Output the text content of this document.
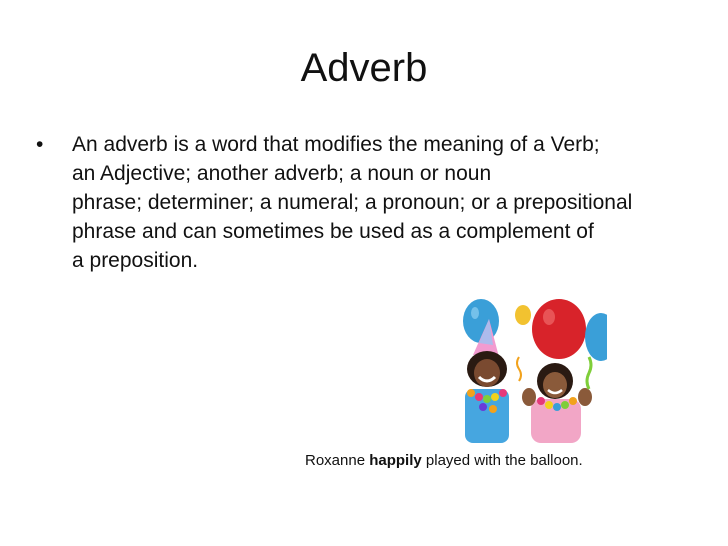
Adverb
• An adverb is a word that modifies the meaning of a Verb;
an Adjective; another adverb; a noun or noun
phrase; determiner; a numeral; a pronoun; or a prepositional
phrase and can sometimes be used as a complement of
a preposition.
Roxanne happily played with the balloon.
